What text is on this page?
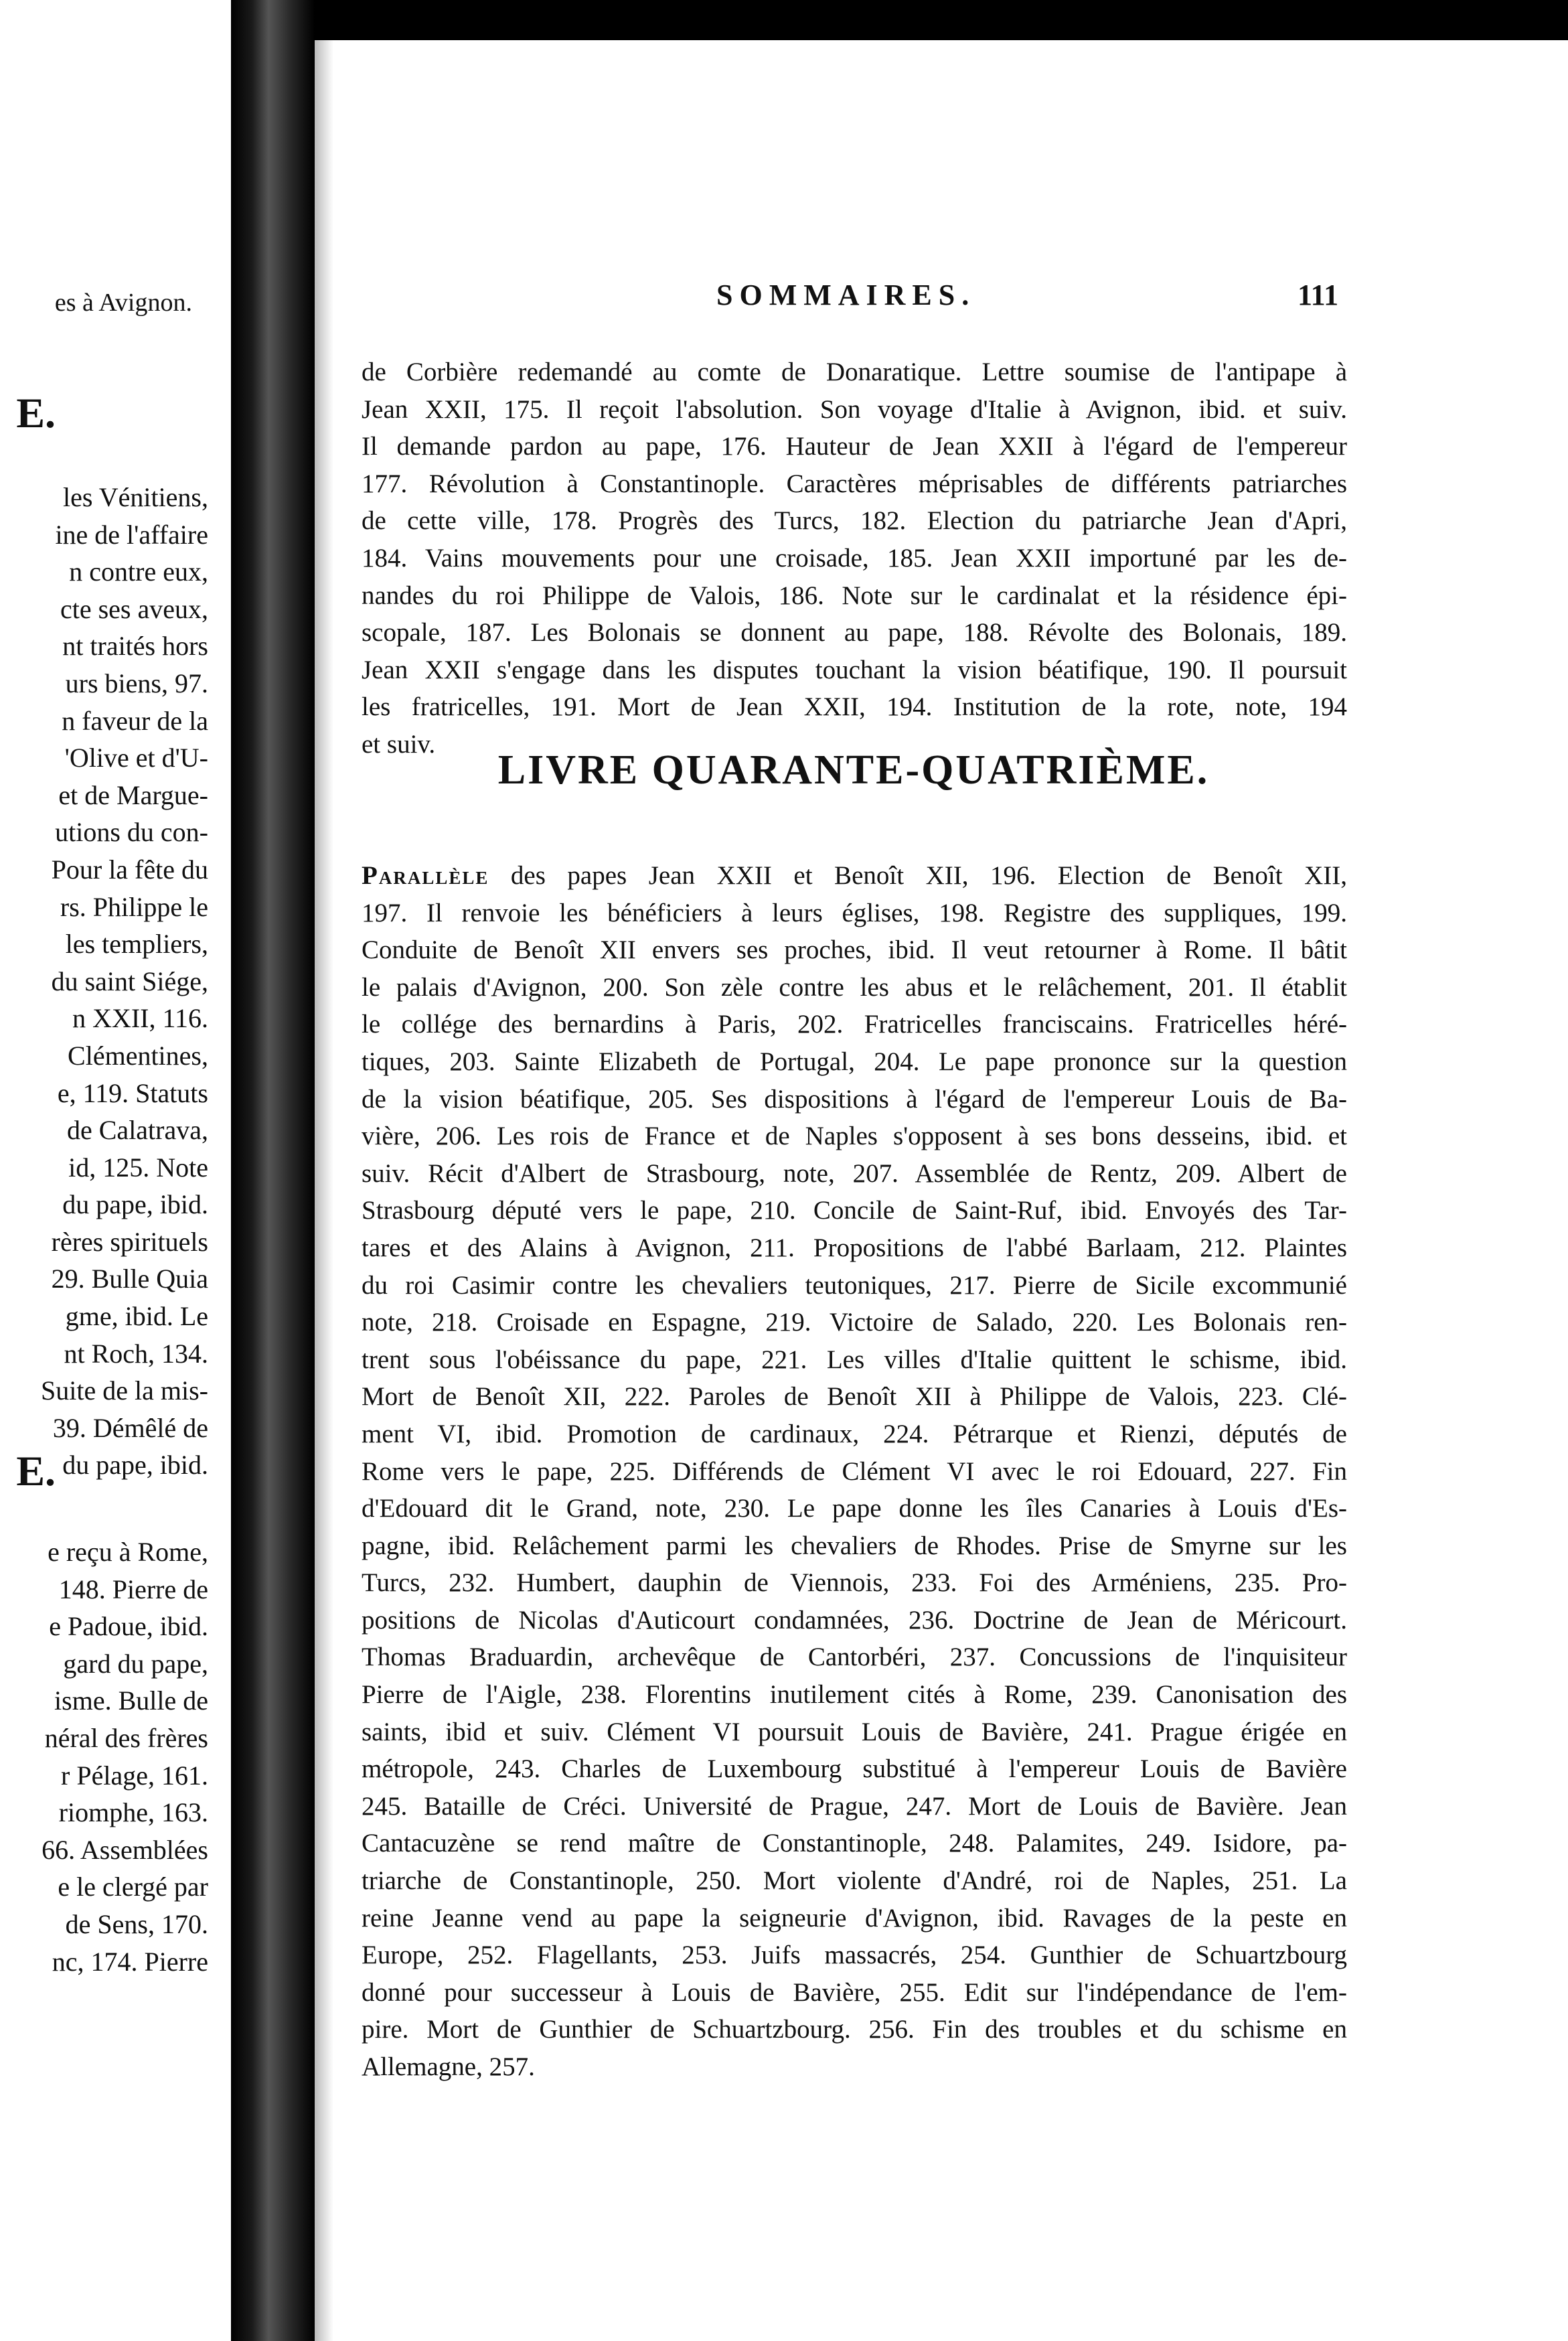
es à Avignon.
E.
les Vénitiens,
ine de l'affaire
n contre eux,
cte ses aveux,
nt traités hors
urs biens, 97.
n faveur de la
'Olive et d'U-
et de Margue-
utions du con-
Pour la fête du
rs. Philippe le
les templiers,
du saint Siége,
n XXII, 116.
Clémentines,
e, 119. Statuts
de Calatrava,
id, 125. Note
du pape, ibid.
rères spirituels
29. Bulle Quia
gme, ibid. Le
nt Roch, 134.
Suite de la mis-
39. Démêlé de
du pape, ibid.
E.
e reçu à Rome,
148. Pierre de
e Padoue, ibid.
gard du pape,
isme. Bulle de
néral des frères
r Pélage, 161.
riomphe, 163.
66. Assemblées
e le clergé par
de Sens, 170.
nc, 174. Pierre
SOMMAIRES.	111
de Corbière redemandé au comte de Donaratique. Lettre soumise de l'antipape à
Jean XXII, 175. Il reçoit l'absolution. Son voyage d'Italie à Avignon, ibid. et suiv.
Il demande pardon au pape, 176. Hauteur de Jean XXII à l'égard de l'empereur
177. Révolution à Constantinople. Caractères méprisables de différents patriarches
de cette ville, 178. Progrès des Turcs, 182. Election du patriarche Jean d'Apri,
184. Vains mouvements pour une croisade, 185. Jean XXII importuné par les de-
nandes du roi Philippe de Valois, 186. Note sur le cardinalat et la résidence épi-
scopale, 187. Les Bolonais se donnent au pape, 188. Révolte des Bolonais, 189.
Jean XXII s'engage dans les disputes touchant la vision béatifique, 190. Il poursuit
les fratricelles, 191. Mort de Jean XXII, 194. Institution de la rote, note, 194
et suiv.
LIVRE QUARANTE-QUATRIÈME.
Parallèle des papes Jean XXII et Benoît XII, 196. Election de Benoît XII,
197. Il renvoie les bénéficiers à leurs églises, 198. Registre des suppliques, 199.
Conduite de Benoît XII envers ses proches, ibid. Il veut retourner à Rome. Il bâtit
le palais d'Avignon, 200. Son zèle contre les abus et le relâchement, 201. Il établit
le collége des bernardins à Paris, 202. Fratricelles franciscains. Fratricelles héré-
tiques, 203. Sainte Elizabeth de Portugal, 204. Le pape prononce sur la question
de la vision béatifique, 205. Ses dispositions à l'égard de l'empereur Louis de Ba-
vière, 206. Les rois de France et de Naples s'opposent à ses bons desseins, ibid. et
suiv. Récit d'Albert de Strasbourg, note, 207. Assemblée de Rentz, 209. Albert de
Strasbourg député vers le pape, 210. Concile de Saint-Ruf, ibid. Envoyés des Tar-
tares et des Alains à Avignon, 211. Propositions de l'abbé Barlaam, 212. Plaintes
du roi Casimir contre les chevaliers teutoniques, 217. Pierre de Sicile excommunié
note, 218. Croisade en Espagne, 219. Victoire de Salado, 220. Les Bolonais ren-
trent sous l'obéissance du pape, 221. Les villes d'Italie quittent le schisme, ibid.
Mort de Benoît XII, 222. Paroles de Benoît XII à Philippe de Valois, 223. Clé-
ment VI, ibid. Promotion de cardinaux, 224. Pétrarque et Rienzi, députés de
Rome vers le pape, 225. Différends de Clément VI avec le roi Edouard, 227. Fin
d'Edouard dit le Grand, note, 230. Le pape donne les îles Canaries à Louis d'Es-
pagne, ibid. Relâchement parmi les chevaliers de Rhodes. Prise de Smyrne sur les
Turcs, 232. Humbert, dauphin de Viennois, 233. Foi des Arméniens, 235. Pro-
positions de Nicolas d'Auticourt condamnées, 236. Doctrine de Jean de Méricourt.
Thomas Braduardin, archevêque de Cantorbéri, 237. Concussions de l'inquisiteur
Pierre de l'Aigle, 238. Florentins inutilement cités à Rome, 239. Canonisation des
saints, ibid et suiv. Clément VI poursuit Louis de Bavière, 241. Prague érigée en
métropole, 243. Charles de Luxembourg substitué à l'empereur Louis de Bavière
245. Bataille de Créci. Université de Prague, 247. Mort de Louis de Bavière. Jean
Cantacuzène se rend maître de Constantinople, 248. Palamites, 249. Isidore, pa-
triarche de Constantinople, 250. Mort violente d'André, roi de Naples, 251. La
reine Jeanne vend au pape la seigneurie d'Avignon, ibid. Ravages de la peste en
Europe, 252. Flagellants, 253. Juifs massacrés, 254. Gunthier de Schuartzbourg
donné pour successeur à Louis de Bavière, 255. Edit sur l'indépendance de l'em-
pire. Mort de Gunthier de Schuartzbourg. 256. Fin des troubles et du schisme en
Allemagne, 257.
